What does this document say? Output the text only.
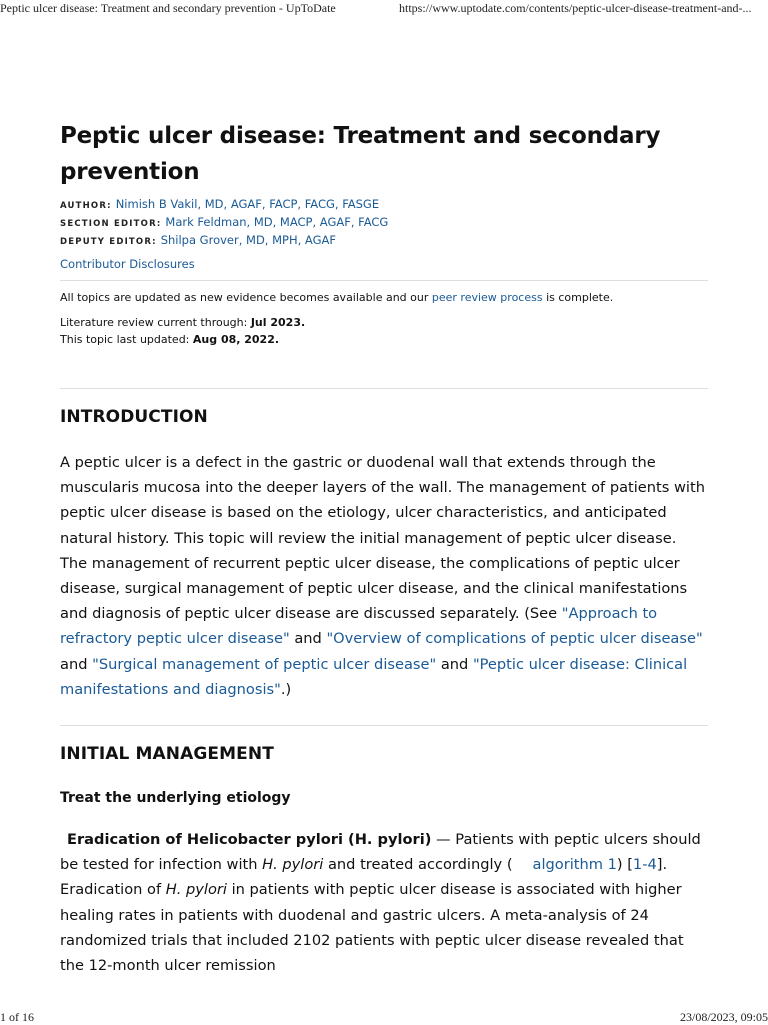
Peptic ulcer disease: Treatment and secondary prevention - UpToDate	https://www.uptodate.com/contents/peptic-ulcer-disease-treatment-and-...
Peptic ulcer disease: Treatment and secondary prevention
AUTHOR: Nimish B Vakil, MD, AGAF, FACP, FACG, FASGE
SECTION EDITOR: Mark Feldman, MD, MACP, AGAF, FACG
DEPUTY EDITOR: Shilpa Grover, MD, MPH, AGAF
Contributor Disclosures
All topics are updated as new evidence becomes available and our peer review process is complete.
Literature review current through: Jul 2023.
This topic last updated: Aug 08, 2022.
INTRODUCTION

A peptic ulcer is a defect in the gastric or duodenal wall that extends through the muscularis mucosa into the deeper layers of the wall. The management of patients with peptic ulcer disease is based on the etiology, ulcer characteristics, and anticipated natural history. This topic will review the initial management of peptic ulcer disease. The management of recurrent peptic ulcer disease, the complications of peptic ulcer disease, surgical management of peptic ulcer disease, and the clinical manifestations and diagnosis of peptic ulcer disease are discussed separately. (See "Approach to refractory peptic ulcer disease" and "Overview of complications of peptic ulcer disease" and "Surgical management of peptic ulcer disease" and "Peptic ulcer disease: Clinical manifestations and diagnosis".)

INITIAL MANAGEMENT
Treat the underlying etiology

Eradication of Helicobacter pylori (H. pylori) — Patients with peptic ulcers should be tested for infection with H. pylori and treated accordingly ( algorithm 1) [1-4]. Eradication of H. pylori in patients with peptic ulcer disease is associated with higher healing rates in patients with duodenal and gastric ulcers. A meta-analysis of 24 randomized trials that included 2102 patients with peptic ulcer disease revealed that the 12-month ulcer remission

1 of 16	23/08/2023, 09:05
